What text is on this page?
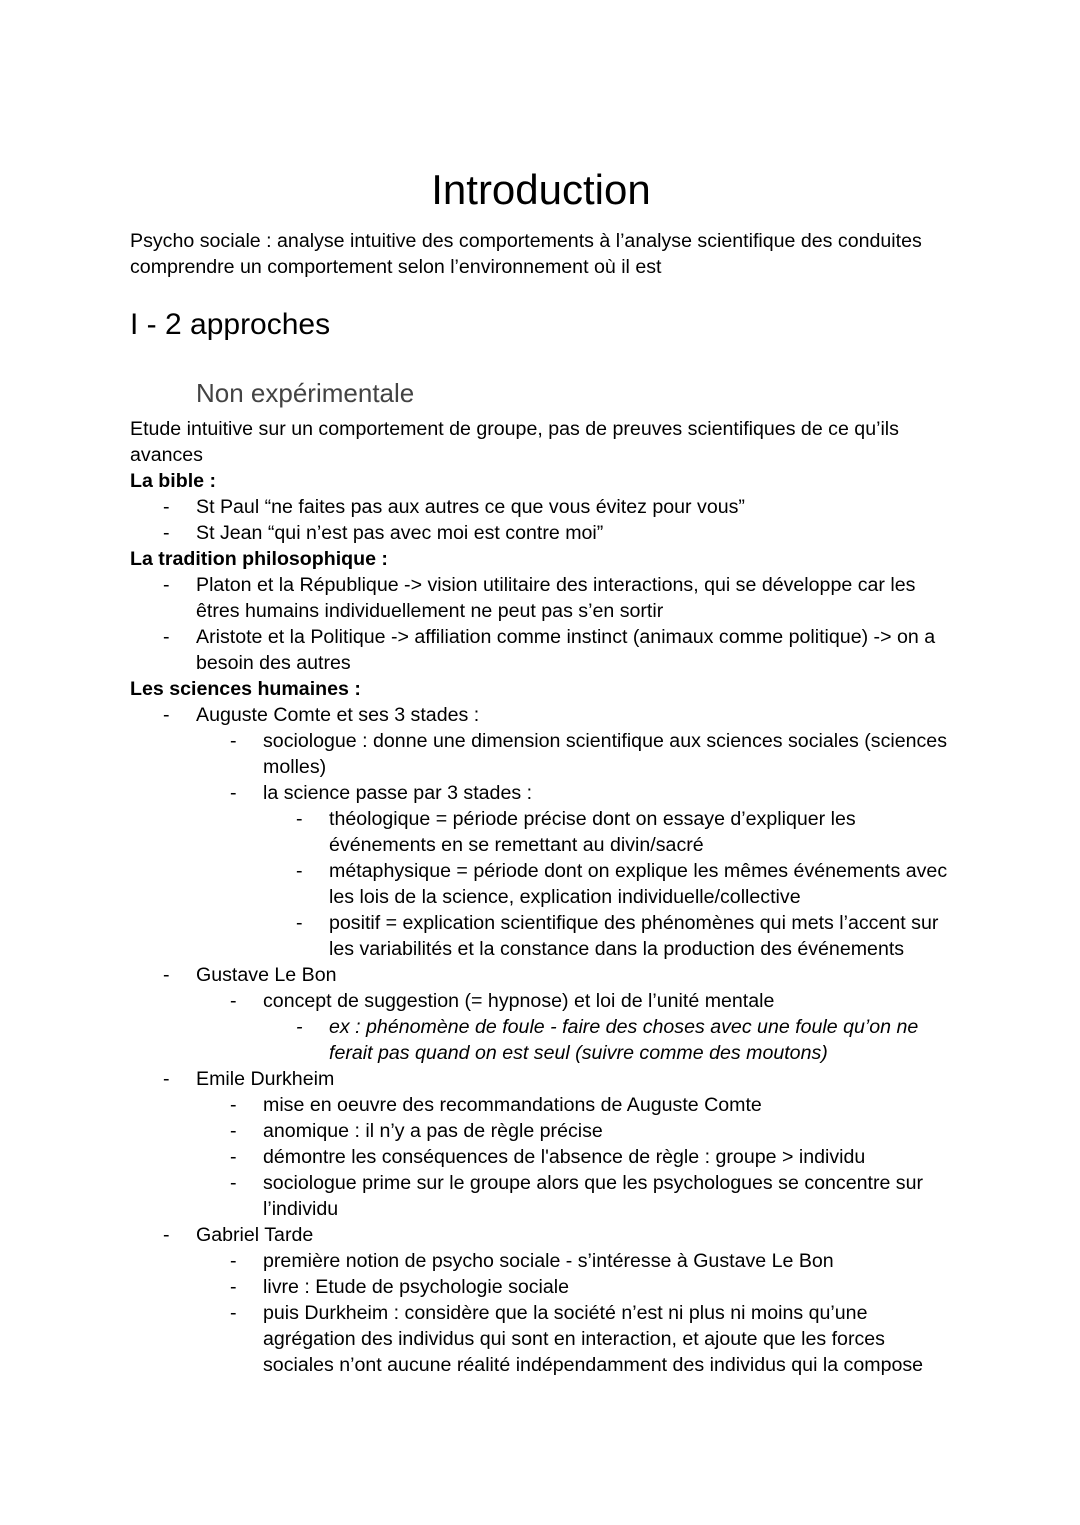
Introduction

Psycho sociale : analyse intuitive des comportements à l’analyse scientifique des conduites comprendre un comportement selon l’environnement où il est

I - 2 approches
Non expérimentale

Etude intuitive sur un comportement de groupe, pas de preuves scientifiques de ce qu’ils avances

La bible :

-	St Paul “ne faites pas aux autres ce que vous évitez pour vous”
-	St Jean “qui n’est pas avec moi est contre moi”

La tradition philosophique :

-	Platon et la République -> vision utilitaire des interactions, qui se développe car les êtres humains individuellement ne peut pas s’en sortir
-	Aristote et la Politique -> affiliation comme instinct (animaux comme politique) -> on a besoin des autres

Les sciences humaines :

-	Auguste Comte et ses 3 stades :
-	sociologue : donne une dimension scientifique aux sciences sociales (sciences molles)
-	la science passe par 3 stades :
-	théologique = période précise dont on essaye d’expliquer les événements en se remettant au divin/sacré
-	métaphysique = période dont on explique les mêmes événements avec les lois de la science, explication individuelle/collective
-	positif = explication scientifique des phénomènes qui mets l’accent sur les variabilités et la constance dans la production des événements
-	Gustave Le Bon
-	concept de suggestion (= hypnose) et loi de l’unité mentale
-	ex : phénomène de foule - faire des choses avec une foule qu’on ne ferait pas quand on est seul (suivre comme des moutons)
-	Emile Durkheim
-	mise en oeuvre des recommandations de Auguste Comte
-	anomique : il n’y a pas de règle précise
-	démontre les conséquences de l'absence de règle : groupe > individu
-	sociologue prime sur le groupe alors que les psychologues se concentre sur l’individu
-	Gabriel Tarde
-	première notion de psycho sociale - s’intéresse à Gustave Le Bon
-	livre : Etude de psychologie sociale
-	puis Durkheim : considère que la société n’est ni plus ni moins qu’une agrégation des individus qui sont en interaction, et ajoute que les forces sociales n’ont aucune réalité indépendamment des individus qui la compose
